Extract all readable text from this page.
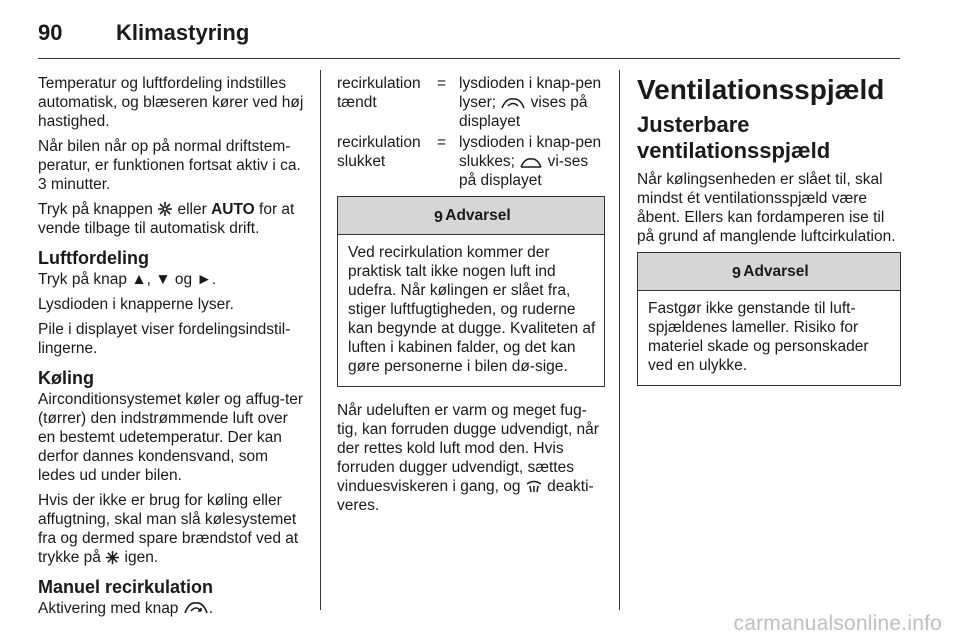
90	Klimastyring

Temperatur og luftfordeling indstilles automatisk, og blæseren kører ved høj hastighed.

Når bilen når op på normal driftstem-peratur, er funktionen fortsat aktiv i ca. 3 minutter.

Tryk på knappen  eller AUTO for at vende tilbage til automatisk drift.

Luftfordeling

Tryk på knap ▲, ▼ og ►.

Lysdioden i knapperne lyser.

Pile i displayet viser fordelingsindstil-lingerne.

Køling

Airconditionsystemet køler og affug-ter (tørrer) den indstrømmende luft over en bestemt udetemperatur. Der kan derfor dannes kondensvand, som ledes ud under bilen.

Hvis der ikke er brug for køling eller affugtning, skal man slå kølesystemet fra og dermed spare brændstof ved at trykke på  igen.

Manuel recirkulation

Aktivering med knap .

recirkulation tændt
= lysdioden i knap-pen lyser;  vises på displayet
recirkulation slukket
= lysdioden i knap-pen slukkes;  vi-ses på displayet
9 Advarsel
Ved recirkulation kommer der praktisk talt ikke nogen luft ind udefra. Når kølingen er slået fra, stiger luftfugtigheden, og ruderne kan begynde at dugge. Kvaliteten af luften i kabinen falder, og det kan gøre personerne i bilen dø-sige.

Når udeluften er varm og meget fug-tig, kan forruden dugge udvendigt, når der rettes kold luft mod den. Hvis forruden dugger udvendigt, sættes vinduesviskeren i gang, og  deakti-veres.

Ventilationsspjæld
Justerbare ventilationsspjæld

Når kølingsenheden er slået til, skal mindst ét ventilationsspjæld være åbent. Ellers kan fordamperen ise til på grund af manglende luftcirkulation.

9 Advarsel
Fastgør ikke genstande til luft-spjældenes lameller. Risiko for materiel skade og personskader ved en ulykke.
carmanualsonline.info
